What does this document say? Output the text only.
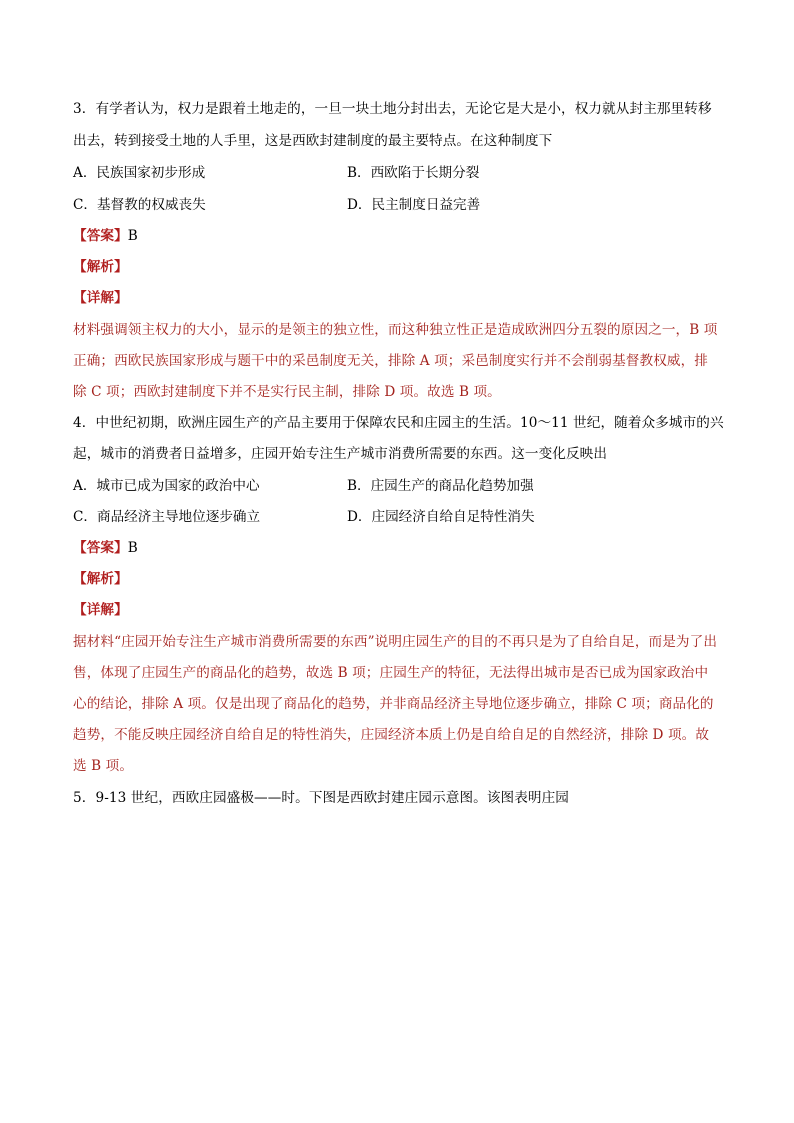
3．有学者认为，权力是跟着土地走的，一旦一块土地分封出去，无论它是大是小，权力就从封主那里转移
出去，转到接受土地的人手里，这是西欧封建制度的最主要特点。在这种制度下
A．民族国家初步形成	B．西欧陷于长期分裂
C．基督教的权威丧失	D．民主制度日益完善
【答案】B
【解析】
【详解】
材料强调领主权力的大小，显示的是领主的独立性，而这种独立性正是造成欧洲四分五裂的原因之一，B 项
正确；西欧民族国家形成与题干中的采邑制度无关，排除 A 项；采邑制度实行并不会削弱基督教权威，排
除 C 项；西欧封建制度下并不是实行民主制，排除 D 项。故选 B 项。
4．中世纪初期，欧洲庄园生产的产品主要用于保障农民和庄园主的生活。10～11 世纪，随着众多城市的兴
起，城市的消费者日益增多，庄园开始专注生产城市消费所需要的东西。这一变化反映出
A．城市已成为国家的政治中心	B．庄园生产的商品化趋势加强
C．商品经济主导地位逐步确立	D．庄园经济自给自足特性消失
【答案】B
【解析】
【详解】
据材料“庄园开始专注生产城市消费所需要的东西”说明庄园生产的目的不再只是为了自给自足，而是为了出
售，体现了庄园生产的商品化的趋势，故选 B 项；庄园生产的特征，无法得出城市是否已成为国家政治中
心的结论，排除 A 项。仅是出现了商品化的趋势，并非商品经济主导地位逐步确立，排除 C 项；商品化的
趋势，不能反映庄园经济自给自足的特性消失，庄园经济本质上仍是自给自足的自然经济，排除 D 项。故
选 B 项。
5．9-13 世纪，西欧庄园盛极——时。下图是西欧封建庄园示意图。该图表明庄园
